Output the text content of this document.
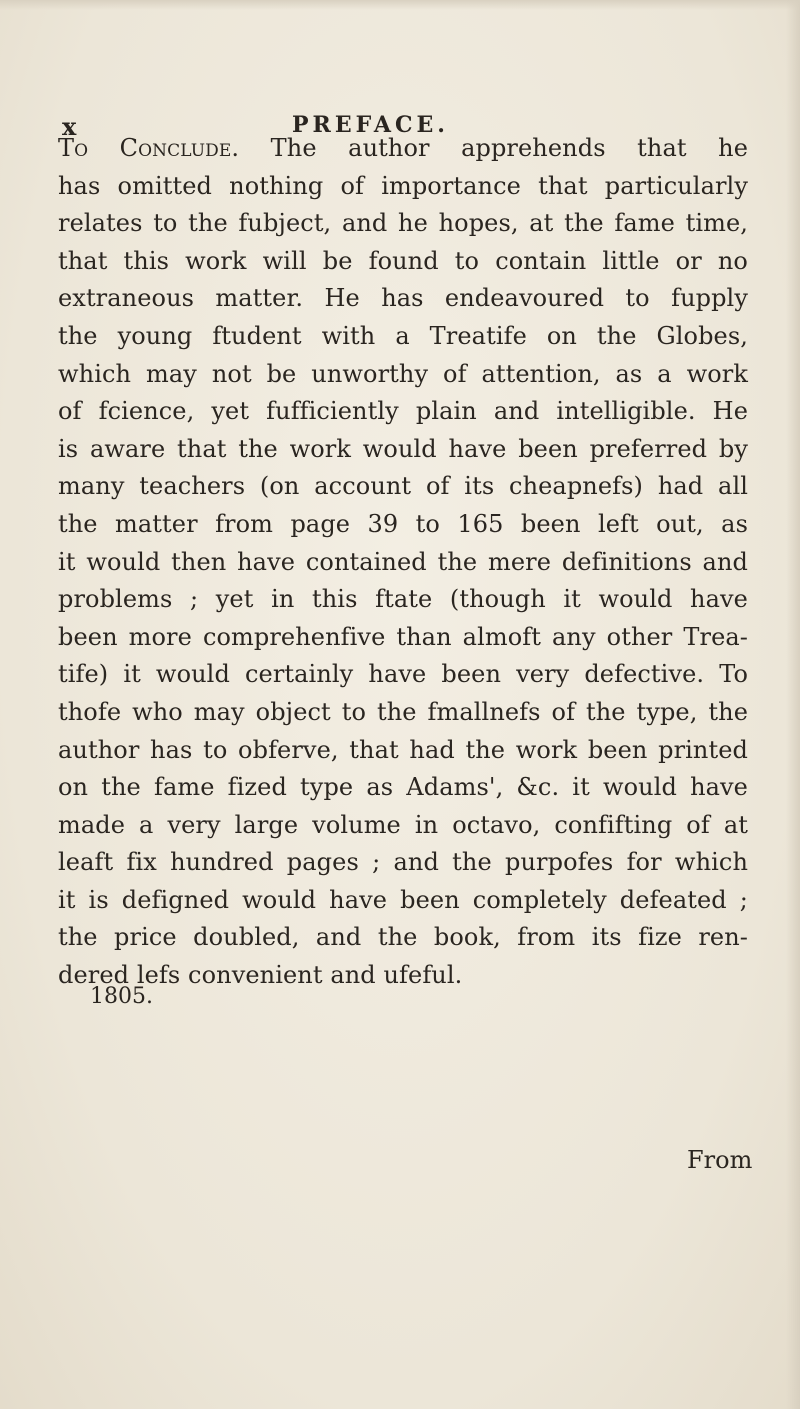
x	PREFACE.
To Conclude. The author apprehends that he
has omitted nothing of importance that particularly
relates to the fubject, and he hopes, at the fame time,
that this work will be found to contain little or no
extraneous matter. He has endeavoured to fupply
the young ftudent with a Treatife on the Globes,
which may not be unworthy of attention, as a work
of fcience, yet fufficiently plain and intelligible. He
is aware that the work would have been preferred by
many teachers (on account of its cheapnefs) had all
the matter from page 39 to 165 been left out, as
it would then have contained the mere definitions and
problems ; yet in this ftate (though it would have
been more comprehenfive than almoft any other Trea-
tife) it would certainly have been very defective. To
thofe who may object to the fmallnefs of the type, the
author has to obferve, that had the work been printed
on the fame fized type as Adams', &c. it would have
made a very large volume in octavo, confifting of at
leaft fix hundred pages ; and the purpofes for which
it is defigned would have been completely defeated ;
the price doubled, and the book, from its fize ren-
dered lefs convenient and ufeful.
1805.
From
